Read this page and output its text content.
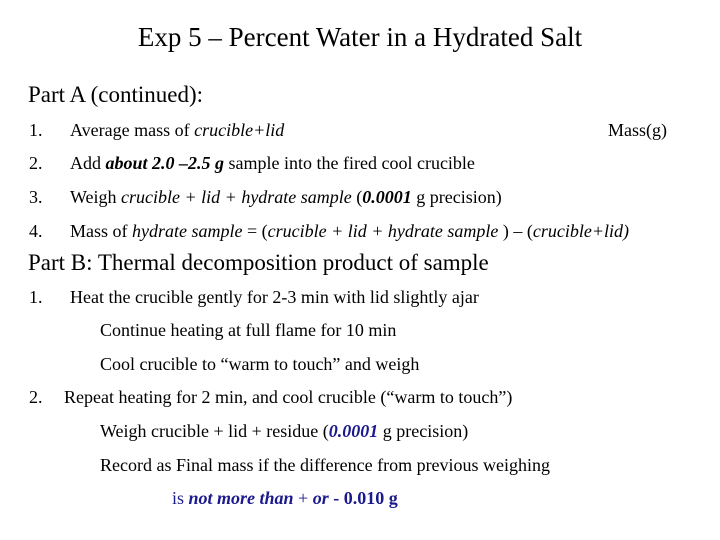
Exp 5 – Percent Water in a Hydrated Salt
Part A (continued):
1. Average mass of crucible+lid	Mass(g)
2. Add about 2.0 –2.5 g sample into the fired cool crucible
3. Weigh crucible + lid + hydrate sample (0.0001 g precision)
4. Mass of hydrate sample = (crucible + lid + hydrate sample ) – (crucible+lid)
Part B: Thermal decomposition product of sample
1. Heat the crucible gently for 2-3 min with lid slightly ajar
Continue heating at full flame for 10 min
Cool crucible to “warm to touch” and weigh
2. Repeat heating for 2 min, and cool crucible (“warm to touch”)
Weigh crucible + lid + residue (0.0001 g precision)
Record as Final mass if the difference from previous weighing
is not more than + or - 0.010 g
